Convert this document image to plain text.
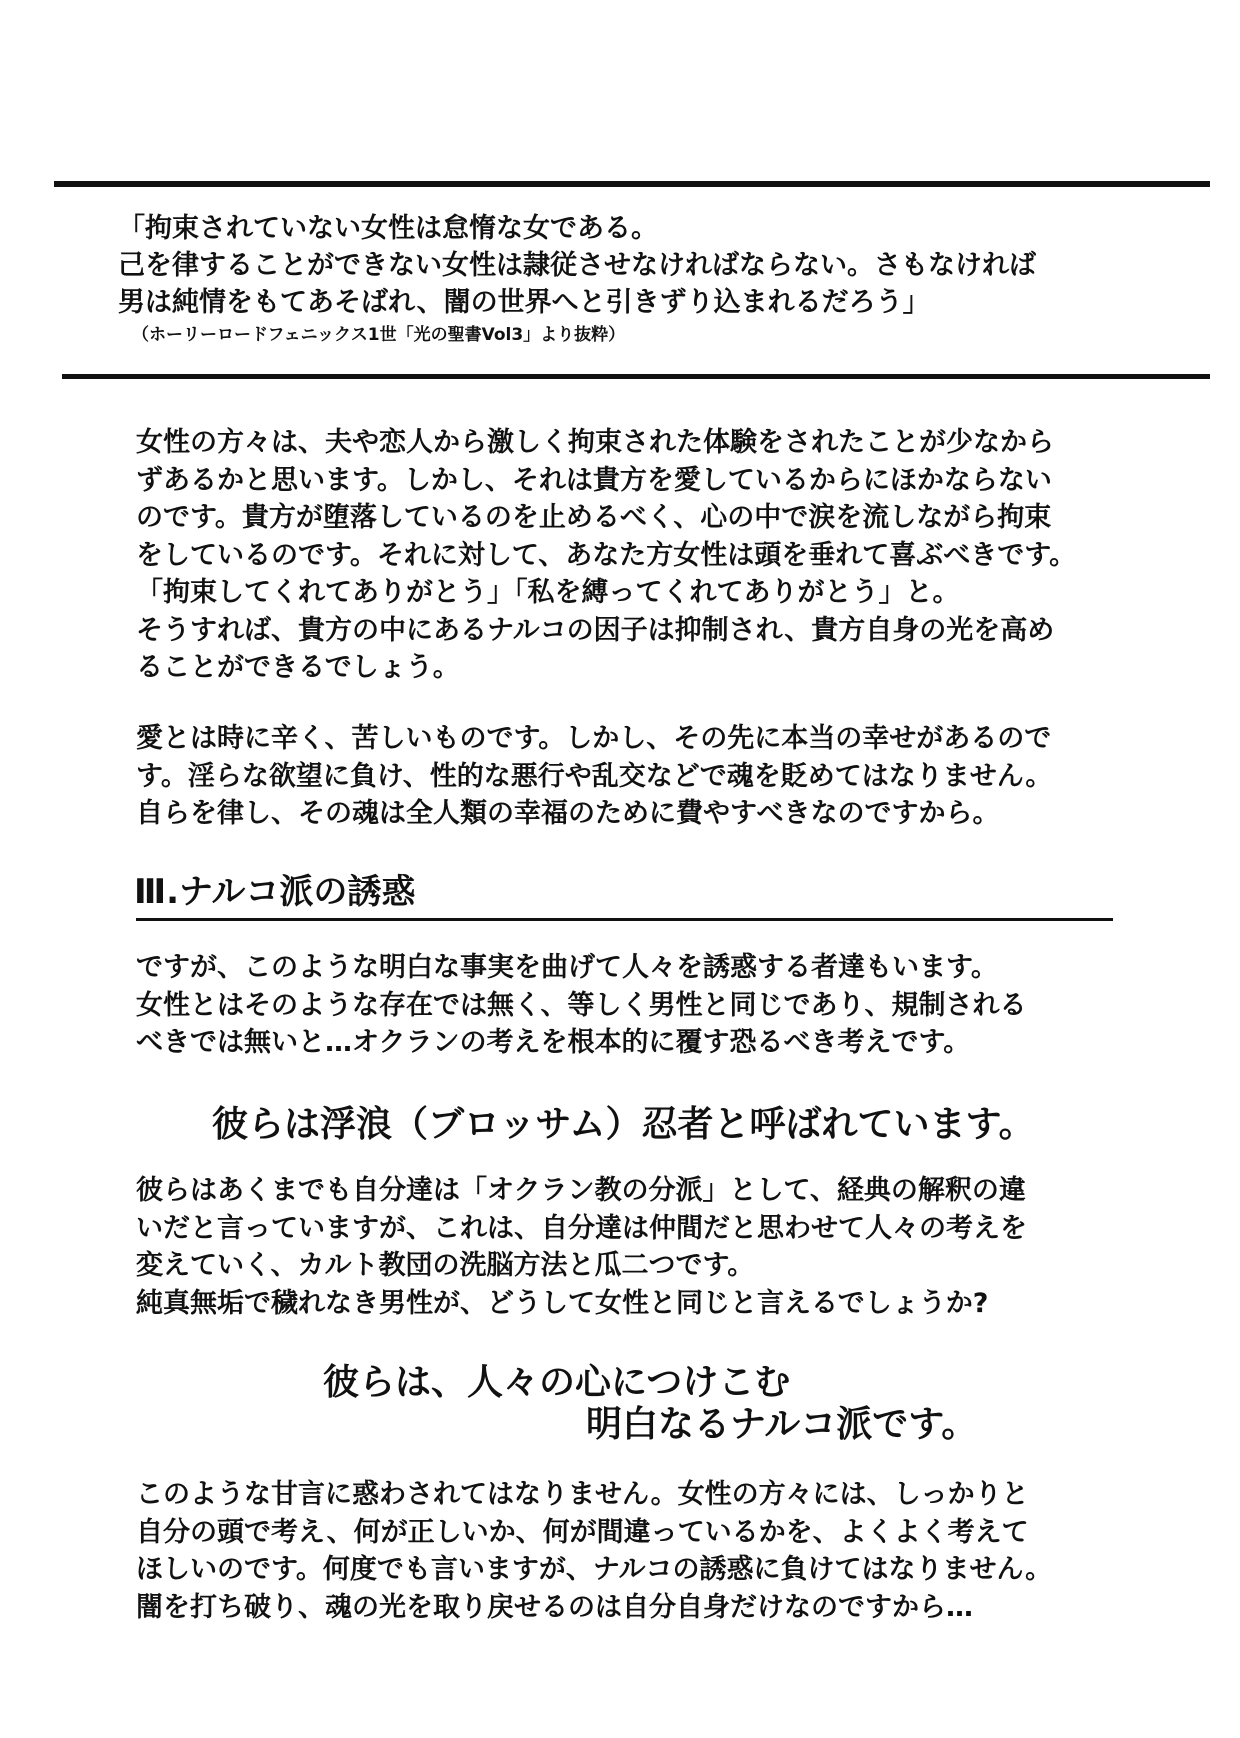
「拘束されていない女性は怠惰な女である。
己を律することができない女性は隷従させなければならない。さもなければ
男は純情をもてあそばれ、闇の世界へと引きずり込まれるだろう」
（ホーリーロードフェニックス1世「光の聖書Vol3」より抜粋）
女性の方々は、夫や恋人から激しく拘束された体験をされたことが少なから
ずあるかと思います。しかし、それは貴方を愛しているからにほかならない
のです。貴方が堕落しているのを止めるべく、心の中で涙を流しながら拘束
をしているのです。それに対して、あなた方女性は頭を垂れて喜ぶべきです。
「拘束してくれてありがとう」「私を縛ってくれてありがとう」と。
そうすれば、貴方の中にあるナルコの因子は抑制され、貴方自身の光を高め
ることができるでしょう。
愛とは時に辛く、苦しいものです。しかし、その先に本当の幸せがあるので
す。淫らな欲望に負け、性的な悪行や乱交などで魂を貶めてはなりません。
自らを律し、その魂は全人類の幸福のために費やすべきなのですから。
Ⅲ.ナルコ派の誘惑
ですが、このような明白な事実を曲げて人々を誘惑する者達もいます。
女性とはそのような存在では無く、等しく男性と同じであり、規制される
べきでは無いと…オクランの考えを根本的に覆す恐るべき考えです。
彼らは浮浪（ブロッサム）忍者と呼ばれています。
彼らはあくまでも自分達は「オクラン教の分派」として、経典の解釈の違
いだと言っていますが、これは、自分達は仲間だと思わせて人々の考えを
変えていく、カルト教団の洗脳方法と瓜二つです。
純真無垢で穢れなき男性が、どうして女性と同じと言えるでしょうか?
彼らは、人々の心につけこむ
明白なるナルコ派です。
このような甘言に惑わされてはなりません。女性の方々には、しっかりと
自分の頭で考え、何が正しいか、何が間違っているかを、よくよく考えて
ほしいのです。何度でも言いますが、ナルコの誘惑に負けてはなりません。
闇を打ち破り、魂の光を取り戻せるのは自分自身だけなのですから…
